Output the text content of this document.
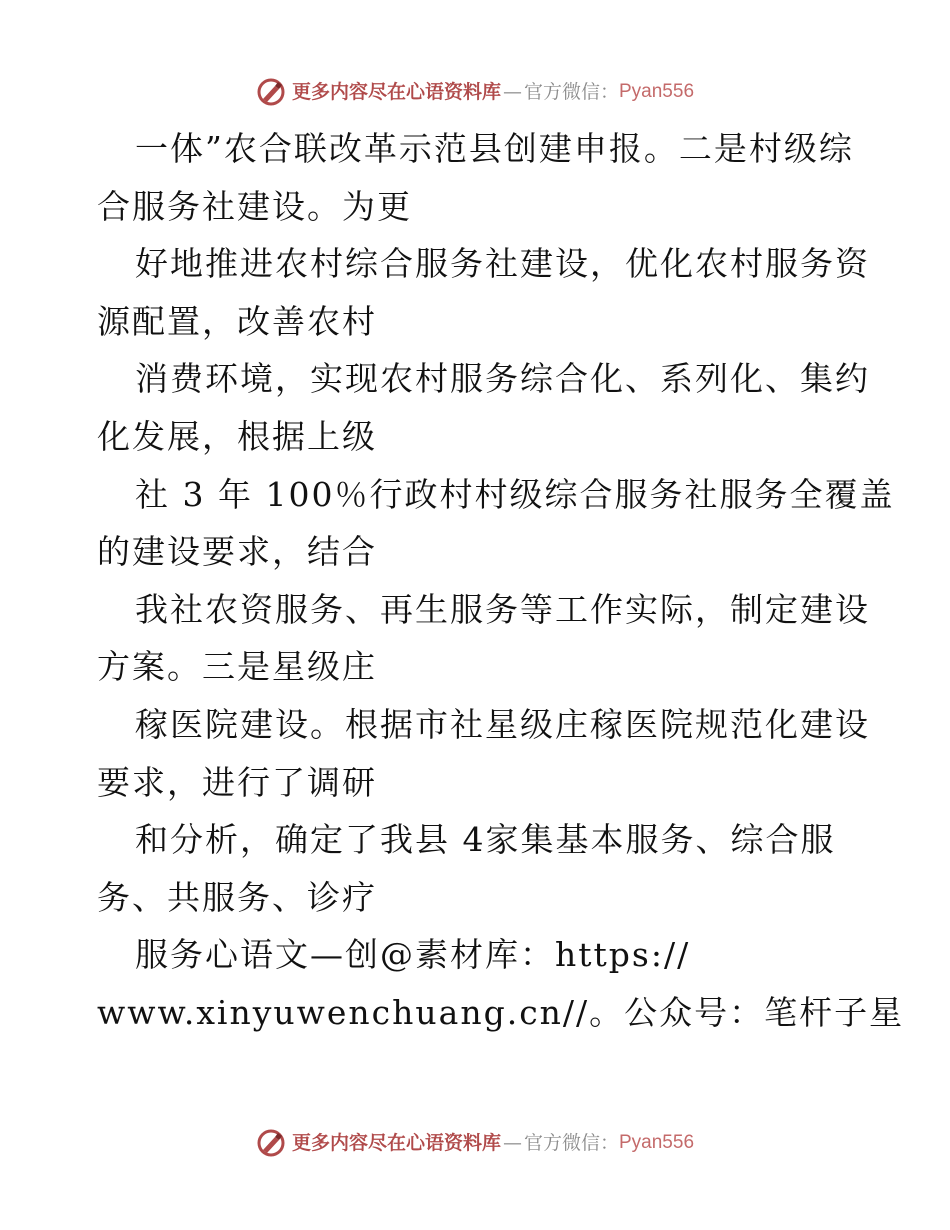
更多内容尽在心语资料库 — 官方微信： Pyan556
一体”农合联改革示范县创建申报。二是村级综
合服务社建设。为更
好地推进农村综合服务社建设，优化农村服务资
源配置，改善农村
消费环境，实现农村服务综合化、系列化、集约
化发展，根据上级
社 3 年 100％行政村村级综合服务社服务全覆盖
的建设要求，结合
我社农资服务、再生服务等工作实际，制定建设
方案。三是星级庄
稼医院建设。根据市社星级庄稼医院规范化建设
要求，进行了调研
和分析，确定了我县 4家集基本服务、综合服
务、共服务、诊疗
服务心语文—创@素材库：https://
www.xinyuwenchuang.cn//。公众号：笔杆子星
更多内容尽在心语资料库 — 官方微信： Pyan556
